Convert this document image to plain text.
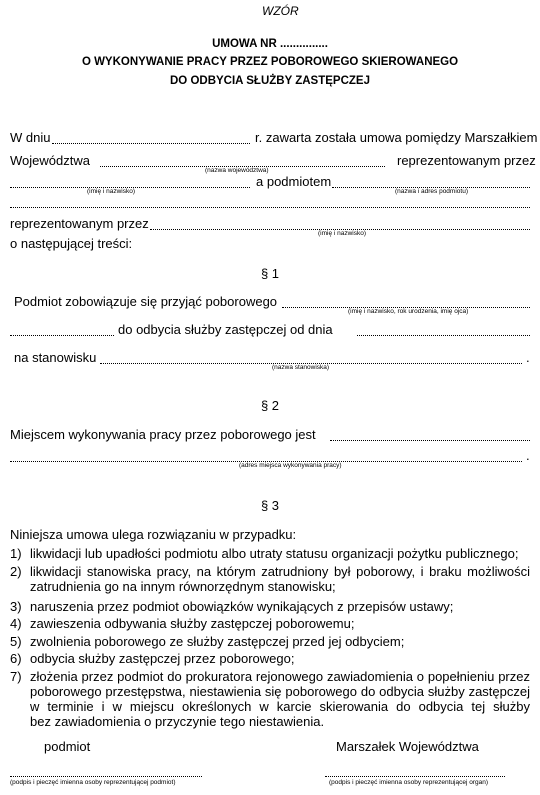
WZÓR
UMOWA NR ...............
O WYKONYWANIE PRACY PRZEZ POBOROWEGO SKIEROWANEGO
DO ODBYCIA SŁUŻBY ZASTĘPCZEJ
W dniu	r. zawarta została umowa pomiędzy Marszałkiem
Województwa	reprezentowanym przez
(nazwa województwa)
a podmiotem
(imię i nazwisko)	(nazwa i adres podmiotu)
reprezentowanym przez
(imię i nazwisko)
o następującej treści:
§ 1
Podmiot zobowiązuje się przyjąć poborowego
(imię i nazwisko, rok urodzenia, imię ojca)
do odbycia służby zastępczej od dnia
na stanowisku	.
(nazwa stanowiska)
§ 2
Miejscem wykonywania pracy przez poborowego jest
.
(adres miejsca wykonywania pracy)
§ 3
Niniejsza umowa ulega rozwiązaniu w przypadku:
1) likwidacji lub upadłości podmiotu albo utraty statusu organizacji pożytku publicznego;
2) likwidacji stanowiska pracy, na którym zatrudniony był poborowy, i braku możliwości
zatrudnienia go na innym równorzędnym stanowisku;
3) naruszenia przez podmiot obowiązków wynikających z przepisów ustawy;
4) zawieszenia odbywania służby zastępczej poborowemu;
5) zwolnienia poborowego ze służby zastępczej przed jej odbyciem;
6) odbycia służby zastępczej przez poborowego;
7) złożenia przez podmiot do prokuratora rejonowego zawiadomienia o popełnieniu przez
poborowego przestępstwa, niestawienia się poborowego do odbycia służby zastępczej
w terminie i w miejscu określonych w karcie skierowania do odbycia tej służby
bez zawiadomienia o przyczynie tego niestawienia.
podmiot	Marszałek Województwa
(podpis i pieczęć imienna osoby reprezentującej podmiot)	(podpis i pieczęć imienna osoby reprezentującej organ)
